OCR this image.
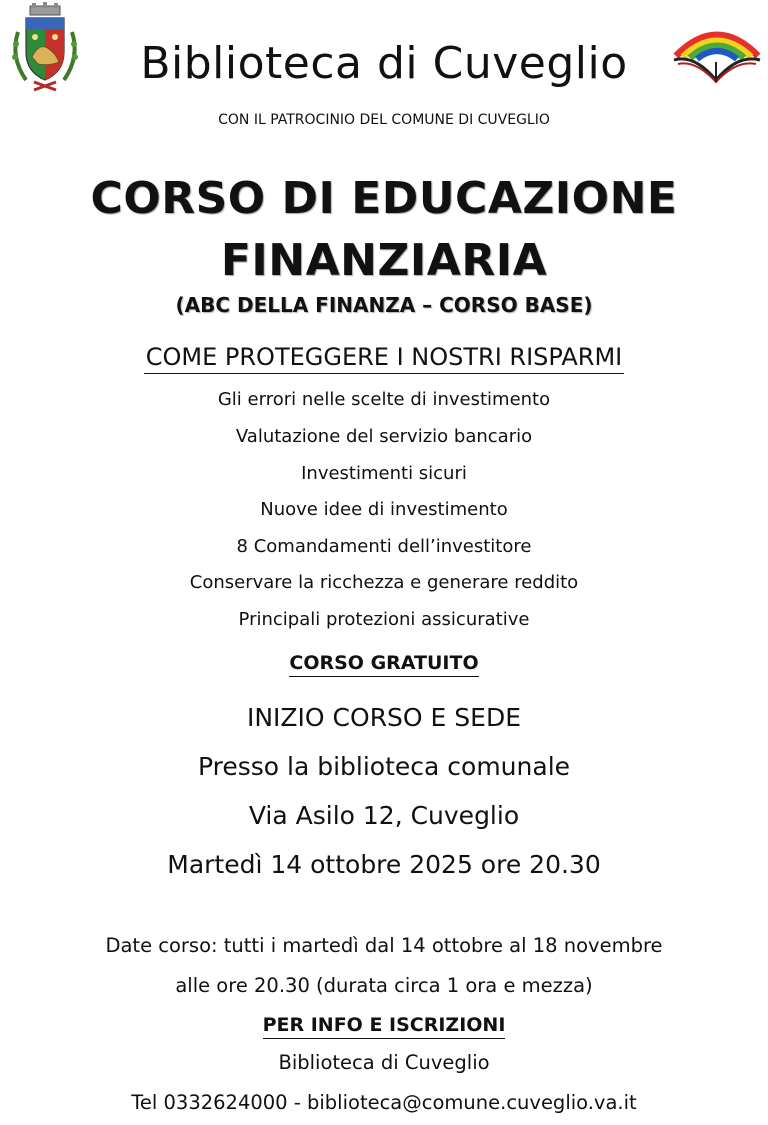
Biblioteca di Cuveglio
CON IL PATROCINIO DEL COMUNE DI CUVEGLIO
CORSO DI EDUCAZIONE
FINANZIARIA
(ABC DELLA FINANZA – CORSO BASE)
COME PROTEGGERE I NOSTRI RISPARMI
Gli errori nelle scelte di investimento
Valutazione del servizio bancario
Investimenti sicuri
Nuove idee di investimento
8 Comandamenti dell’investitore
Conservare la ricchezza e generare reddito
Principali protezioni assicurative
CORSO GRATUITO
INIZIO CORSO E SEDE
Presso la biblioteca comunale
Via Asilo 12, Cuveglio
Martedì 14 ottobre 2025 ore 20.30
Date corso: tutti i martedì dal 14 ottobre al 18 novembre
alle ore 20.30 (durata circa 1 ora e mezza)
PER INFO E ISCRIZIONI
Biblioteca di Cuveglio
Tel 0332624000 - biblioteca@comune.cuveglio.va.it
